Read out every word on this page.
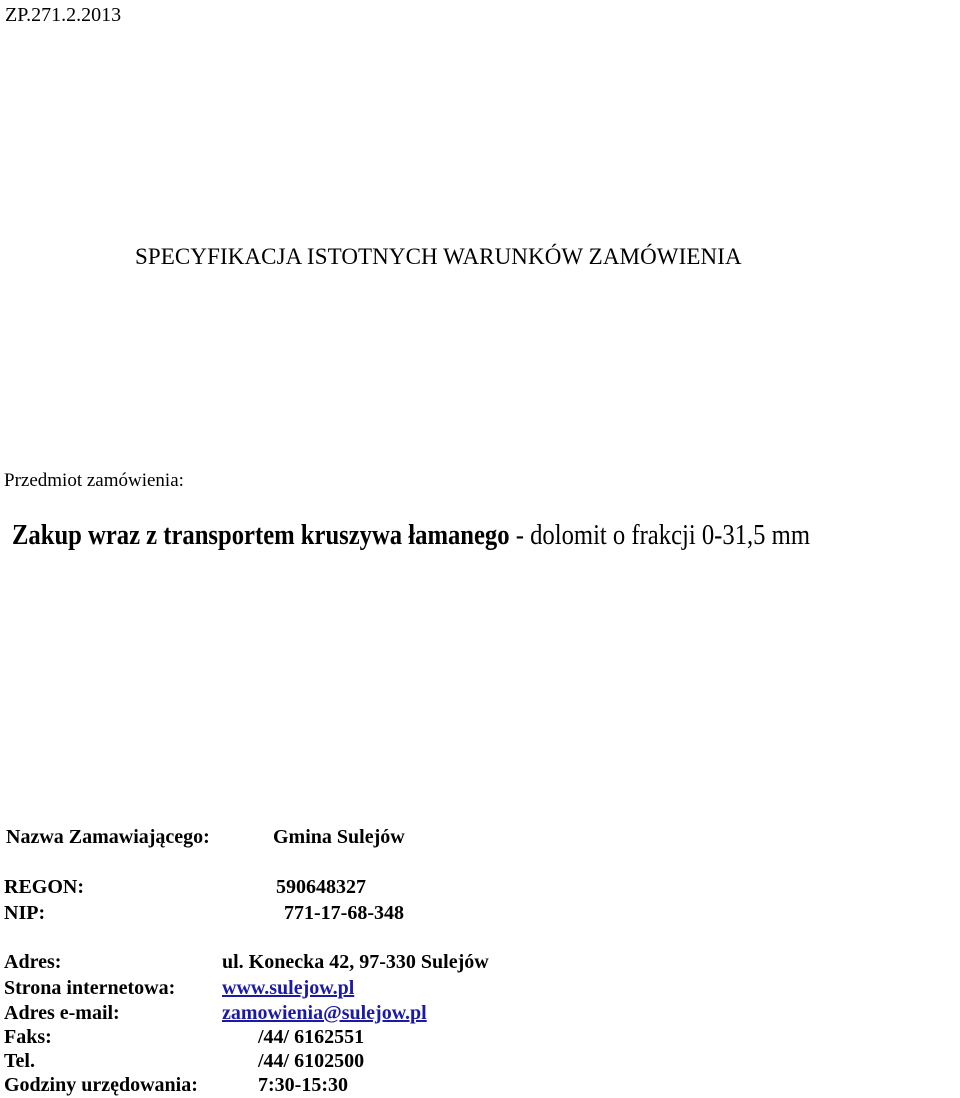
ZP.271.2.2013
SPECYFIKACJA ISTOTNYCH WARUNKÓW ZAMÓWIENIA
Przedmiot zamówienia:
Zakup wraz z transportem kruszywa łamanego - dolomit o frakcji 0-31,5 mm
Nazwa Zamawiającego:	Gmina Sulejów
REGON:	590648327
NIP:	771-17-68-348
Adres:	ul. Konecka 42, 97-330 Sulejów
Strona internetowa: www.sulejow.pl
Adres e-mail:	zamowienia@sulejow.pl
Faks:	/44/ 6162551
Tel.	/44/ 6102500
Godziny urzędowania:	7:30-15:30
